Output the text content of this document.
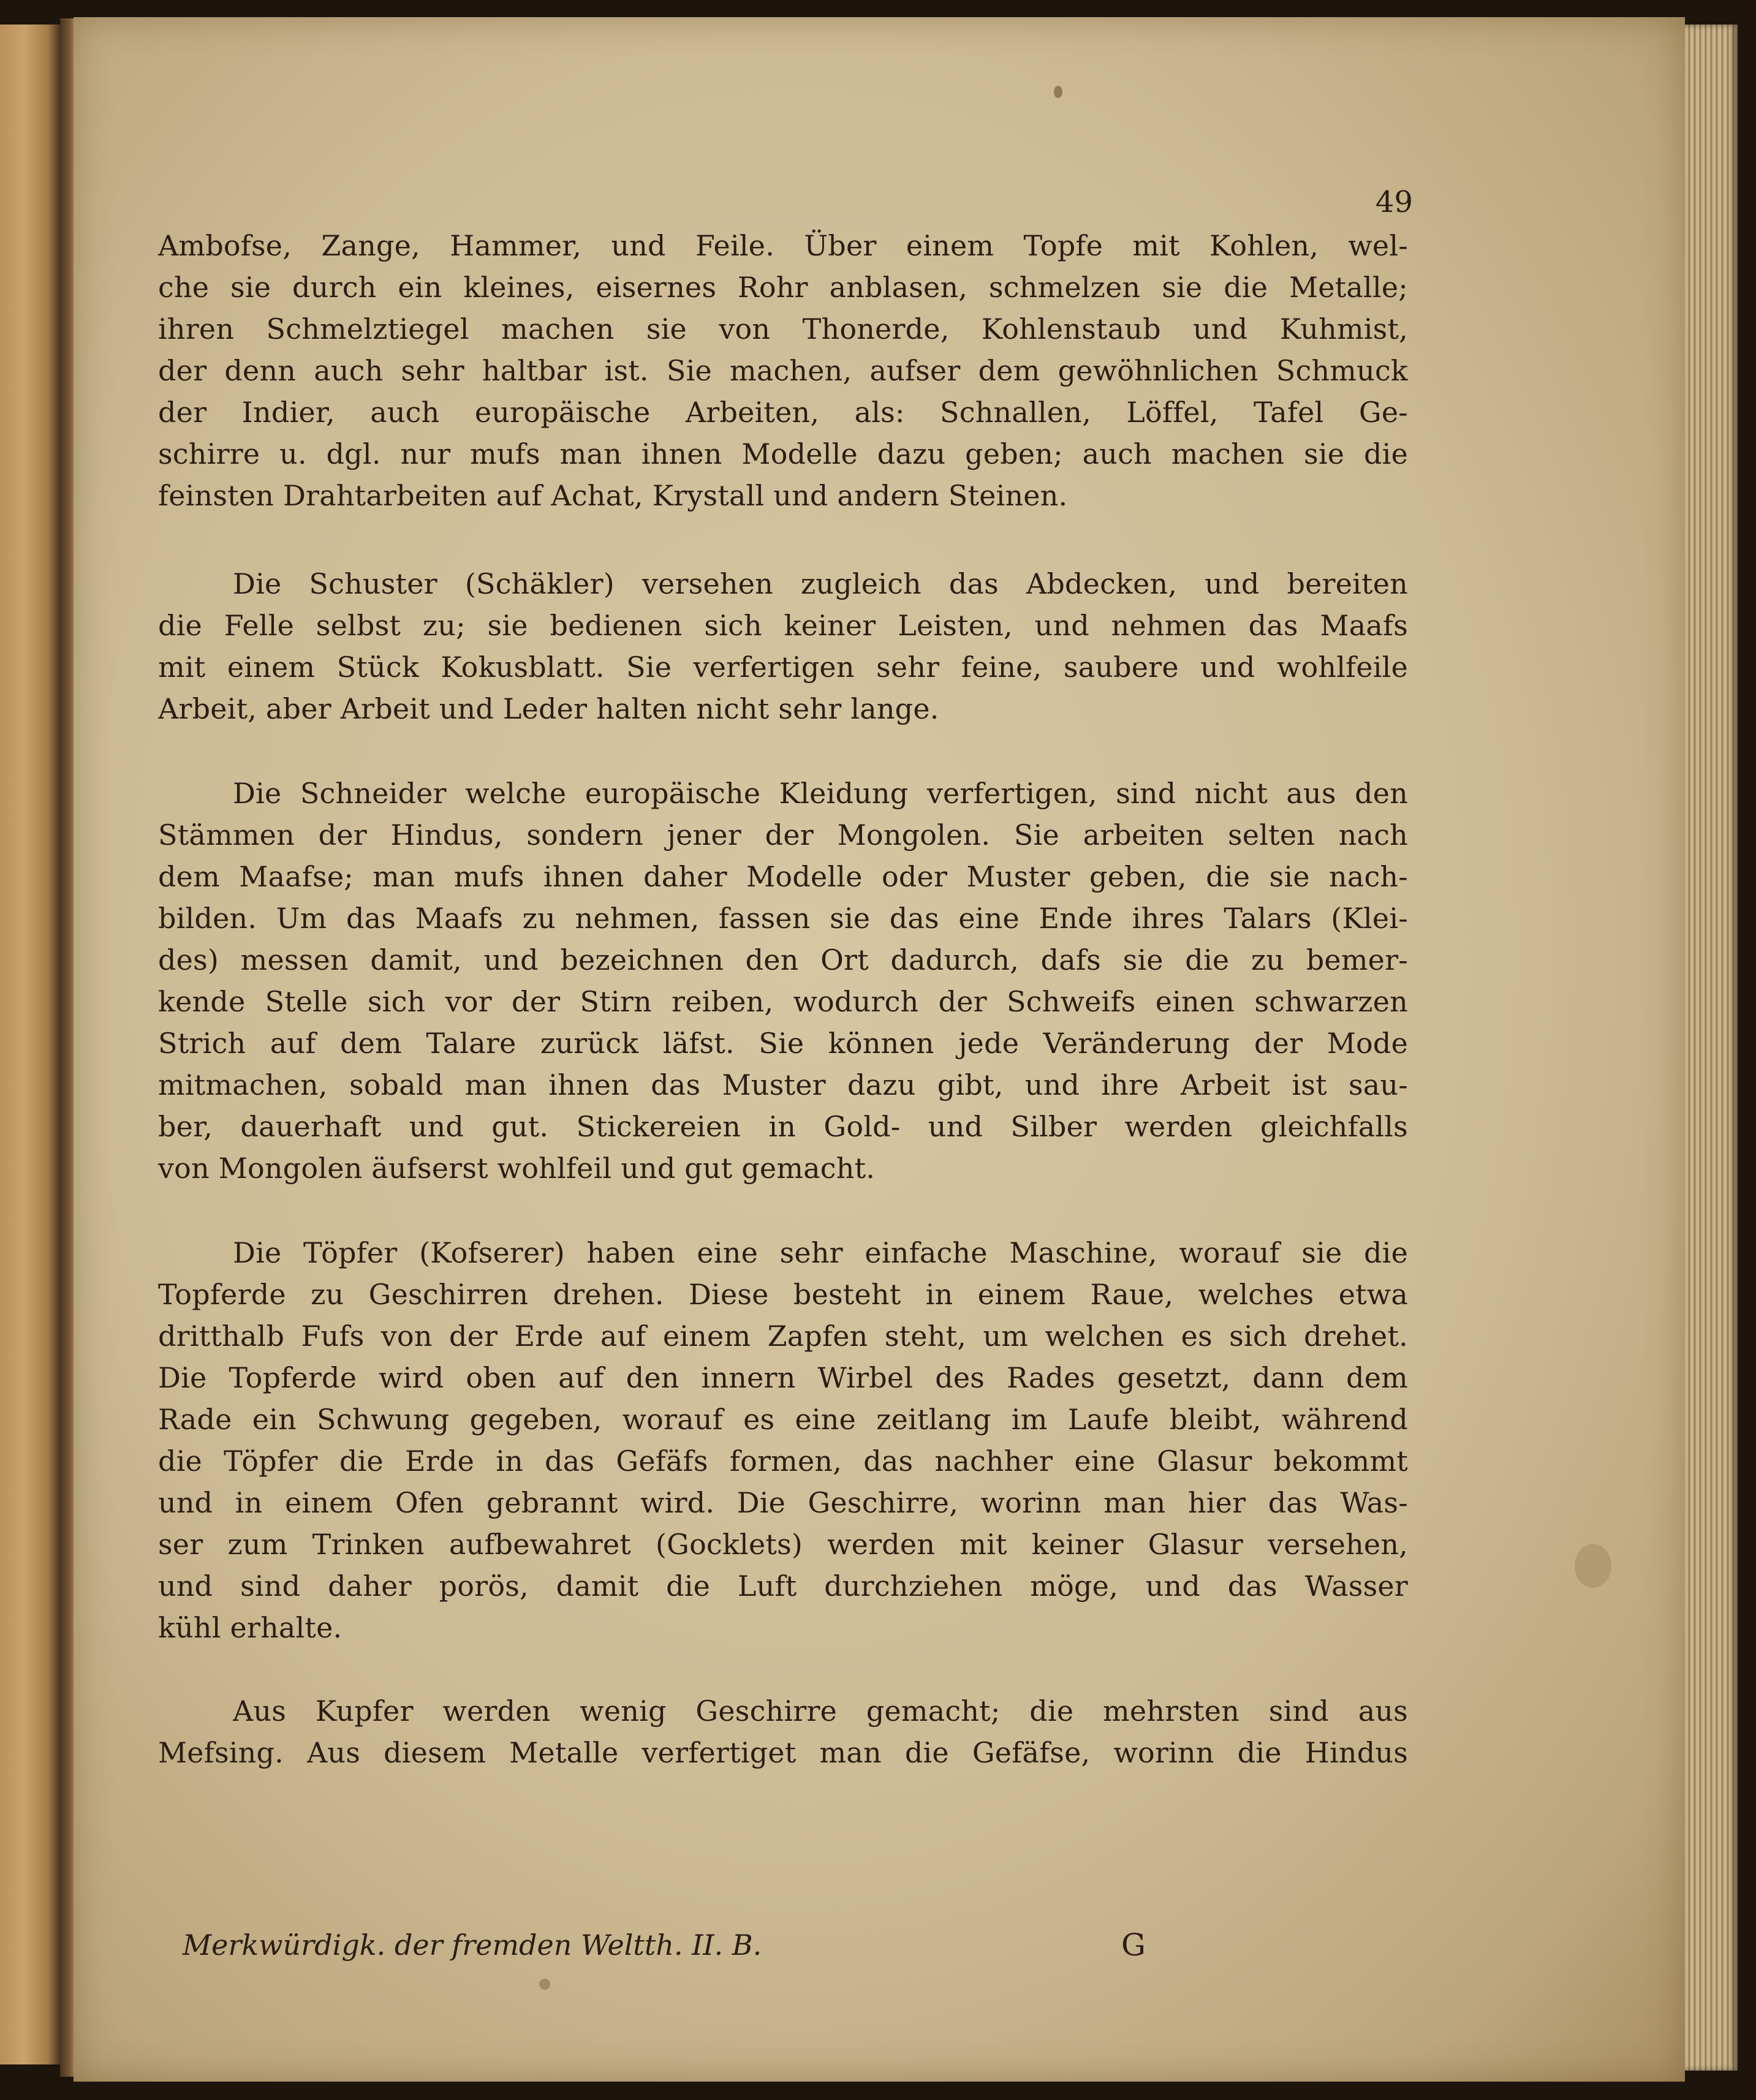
49
Ambofse, Zange, Hammer, und Feile. Über einem Topfe mit Kohlen, wel-
che sie durch ein kleines, eisernes Rohr anblasen, schmelzen sie die Metalle;
ihren Schmelztiegel machen sie von Thonerde, Kohlenstaub und Kuhmist,
der denn auch sehr haltbar ist. Sie machen, aufser dem gewöhnlichen Schmuck
der Indier, auch europäische Arbeiten, als: Schnallen, Löffel, Tafel Ge-
schirre u. dgl. nur mufs man ihnen Modelle dazu geben; auch machen sie die
feinsten Drahtarbeiten auf Achat, Krystall und andern Steinen.
Die Schuster (Schäkler) versehen zugleich das Abdecken, und bereiten
die Felle selbst zu; sie bedienen sich keiner Leisten, und nehmen das Maafs
mit einem Stück Kokusblatt. Sie verfertigen sehr feine, saubere und wohlfeile
Arbeit, aber Arbeit und Leder halten nicht sehr lange.
Die Schneider welche europäische Kleidung verfertigen, sind nicht aus den
Stämmen der Hindus, sondern jener der Mongolen. Sie arbeiten selten nach
dem Maafse; man mufs ihnen daher Modelle oder Muster geben, die sie nach-
bilden. Um das Maafs zu nehmen, fassen sie das eine Ende ihres Talars (Klei-
des) messen damit, und bezeichnen den Ort dadurch, dafs sie die zu bemer-
kende Stelle sich vor der Stirn reiben, wodurch der Schweifs einen schwarzen
Strich auf dem Talare zurück läfst. Sie können jede Veränderung der Mode
mitmachen, sobald man ihnen das Muster dazu gibt, und ihre Arbeit ist sau-
ber, dauerhaft und gut. Stickereien in Gold- und Silber werden gleichfalls
von Mongolen äufserst wohlfeil und gut gemacht.
Die Töpfer (Kofserer) haben eine sehr einfache Maschine, worauf sie die
Topferde zu Geschirren drehen. Diese besteht in einem Raue, welches etwa
dritthalb Fufs von der Erde auf einem Zapfen steht, um welchen es sich drehet.
Die Topferde wird oben auf den innern Wirbel des Rades gesetzt, dann dem
Rade ein Schwung gegeben, worauf es eine zeitlang im Laufe bleibt, während
die Töpfer die Erde in das Gefäfs formen, das nachher eine Glasur bekommt
und in einem Ofen gebrannt wird. Die Geschirre, worinn man hier das Was-
ser zum Trinken aufbewahret (Gocklets) werden mit keiner Glasur versehen,
und sind daher porös, damit die Luft durchziehen möge, und das Wasser
kühl erhalte.
Aus Kupfer werden wenig Geschirre gemacht; die mehrsten sind aus
Mefsing. Aus diesem Metalle verfertiget man die Gefäfse, worinn die Hindus
Merkwürdigk. der fremden Weltth. II. B.	G
